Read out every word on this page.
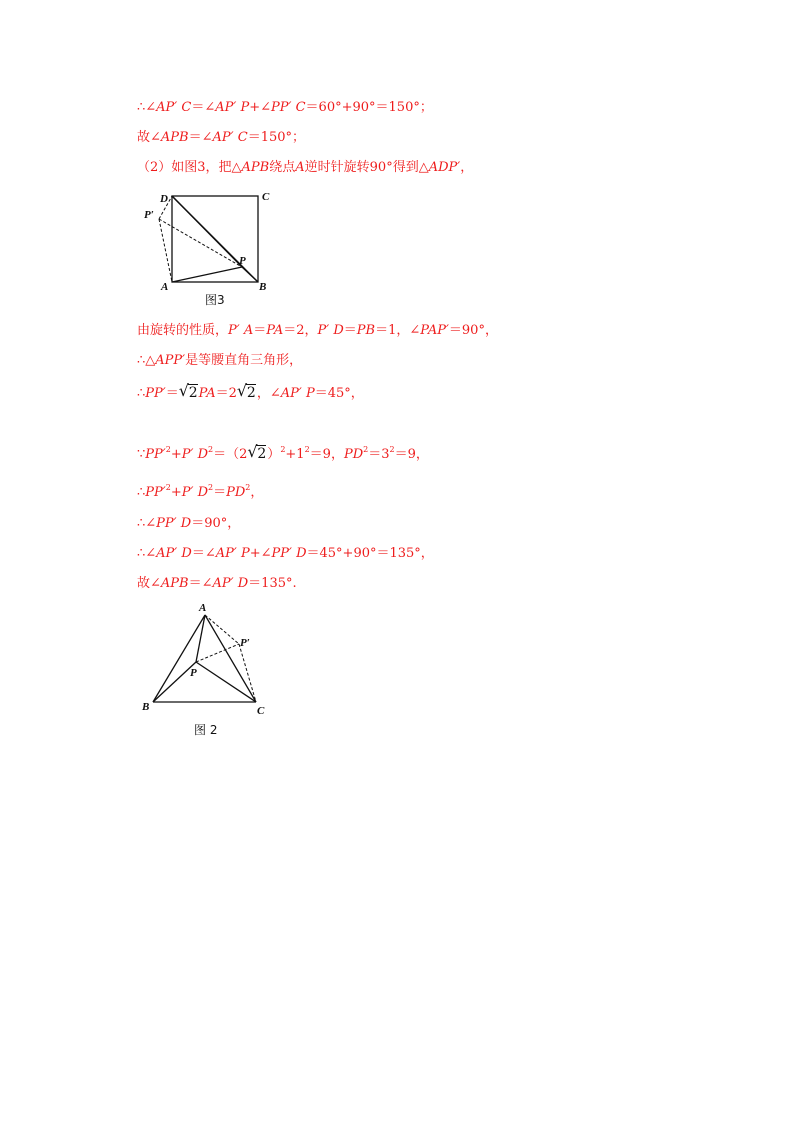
∴∠AP′ C＝∠AP′ P+∠PP′ C＝60°+90°＝150°；
故∠APB＝∠AP′ C＝150°；
（2）如图3，把△APB绕点A逆时针旋转90°得到△ADP′，
D	C
P′
P
A	B
图3
由旋转的性质，P′ A＝PA＝2，P′ D＝PB＝1，∠PAP′＝90°，
∴△APP′是等腰直角三角形，
∴PP′＝√ 2PA＝2√ 2，∠AP′ P＝45°，
$\because PP'^2+P'$ $D^2=(2√$ $2)^2+1^2=9$，$PD^2=3^2=9$，
$\therefore PP'^2+P'$ $D^2=PD^2$，
∴∠PP′ D＝90°，
∴∠AP′ D＝∠AP′ P+∠PP′ D＝45°+90°＝135°，
故∠APB＝∠AP′ D＝135°.
A
P′
P
B	C
图 2
